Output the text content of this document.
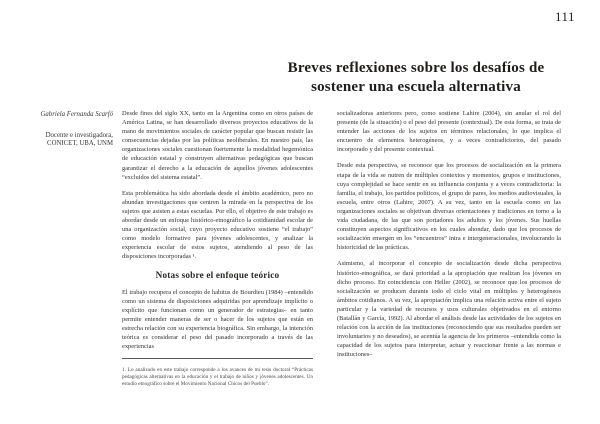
111
Breves reflexiones sobre los desafíos de
sostener una escuela alternativa
Gabriela Fernanda Scarfó
Docente e investigadora,
CONICET, UBA, UNM

Desde fines del siglo XX, tanto en la Argentina como en otros países de América Latina, se han desarrollado diversos proyectos educativos de la mano de movimientos sociales de carácter popular que buscan resistir las consecuencias dejadas por las políticas neoliberales. En nuestro país, las organizaciones sociales cuestionan fuertemente la modalidad hegemónica de educación estatal y construyen alternativas pedagógicas que buscan garantizar el derecho a la educación de aquellos jóvenes adolescentes “excluidos del sistema estatal”.

Esta problemática ha sido abordada desde el ámbito académico, pero no abundan investigaciones que centren la mirada en la perspectiva de los sujetos que asisten a estas escuelas. Por ello, el objetivo de este trabajo es abordar desde un enfoque histórico-etnográfico la cotidianidad escolar de una organización social, cuyo proyecto educativo sostiene “el trabajo” como modelo formativo para jóvenes adolescentes, y analizar la experiencia escolar de estos sujetos, atendiendo al peso de las disposiciones incorporadas ¹.

Notas sobre el enfoque teórico

El trabajo recupera el concepto de habitus de Bourdieu (1984) –entendido como un sistema de disposiciones adquiridas por aprendizaje implícito o explícito que funcionan como un generador de estrategias– en tanto permite entender maneras de ser o hacer de los sujetos que están en estrecha relación con su experiencia biográfica. Sin embargo, la intención teórica es considerar el peso del pasado incorporado a través de las experiencias

1. Lo analizado en este trabajo corresponde a los avances de mi tesis doctoral “Prácticas pedagógicas alternativas en la educación y el trabajo de niños y jóvenes adolescentes. Un estudio etnográfico sobre el Movimiento Nacional Chicos del Pueblo”.

socializadoras anteriores pero, como sostiene Lahire (2004), sin anular el rol del presente (de la situación) o el peso del presente (contextual). De esta forma, se trata de entender las acciones de los sujetos en términos relacionales, lo que implica el encuentro de elementos heterogéneos, y a veces contradictorios, del pasado incorporado y del presente contextual.

Desde esta perspectiva, se reconoce que los procesos de socialización en la primera etapa de la vida se nutren de múltiples contextos y momentos, grupos e instituciones, cuya complejidad se hace sentir en su influencia conjunta y a veces contradictoria: la familia, el trabajo, los partidos políticos, el grupo de pares, los medios audiovisuales, la escuela, entre otros (Lahire, 2007). A su vez, tanto en la escuela como en las organizaciones sociales se objetivan diversas orientaciones y tradiciones en torno a la vida ciudadana, de las que son portadores los adultos y los jóvenes. Sus huellas constituyen aspectos significativos en los cuales ahondar, dado que los procesos de socialización emergen en los “encuentros” intra e intergeneracionales, involucrando la historicidad de las prácticas.

Asimismo, al incorporar el concepto de socialización desde dicha perspectiva histórico-etnográfica, se dará prioridad a la apropiación que realizan los jóvenes en dicho proceso. En coincidencia con Heller (2002), se reconoce que los procesos de socialización se producen durante todo el ciclo vital en múltiples y heterogéneos ámbitos cotidianos. A su vez, la apropiación implica una relación activa entre el sujeto particular y la variedad de recursos y usos culturales objetivados en el entorno (Batallán y García, 1992). Al abordar el análisis desde las actividades de los sujetos en relación con la acción de las instituciones (reconociendo que sus resultados pueden ser involuntarios y no deseados), se acentúa la agencia de los primeros –entendida como la capacidad de los sujetos para interpretar, actuar y reaccionar frente a las normas e instituciones–
